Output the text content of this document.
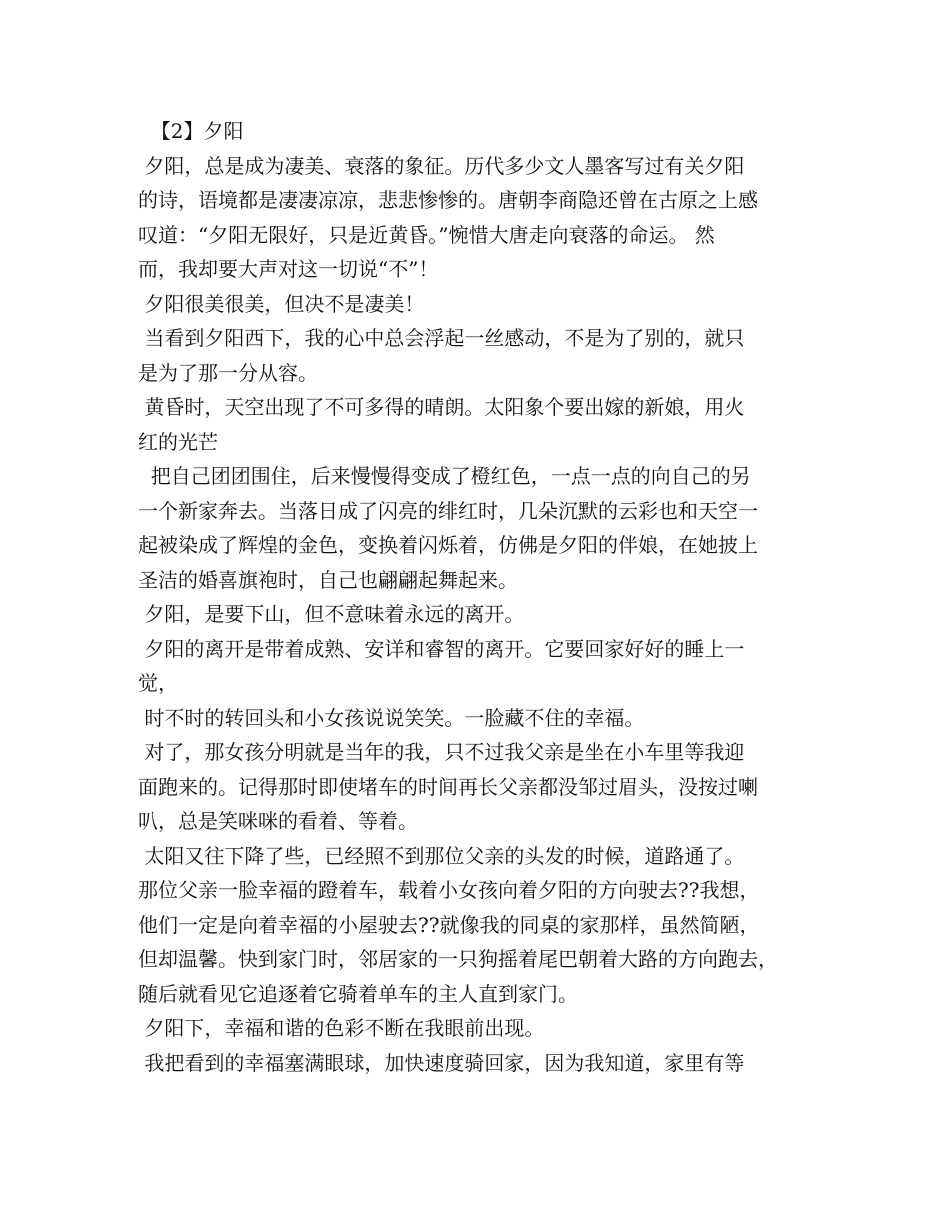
【2】夕阳
夕阳，总是成为凄美、衰落的象征。历代多少文人墨客写过有关夕阳
的诗，语境都是凄凄凉凉，悲悲惨惨的。唐朝李商隐还曾在古原之上感
叹道：“夕阳无限好，只是近黄昏。”惋惜大唐走向衰落的命运。 然
而，我却要大声对这一切说“不”！
夕阳很美很美，但决不是凄美！
当看到夕阳西下，我的心中总会浮起一丝感动，不是为了别的，就只
是为了那一分从容。
黄昏时，天空出现了不可多得的晴朗。太阳象个要出嫁的新娘，用火
红的光芒
把自己团团围住，后来慢慢得变成了橙红色，一点一点的向自己的另
一个新家奔去。当落日成了闪亮的绯红时，几朵沉默的云彩也和天空一
起被染成了辉煌的金色，变换着闪烁着，仿佛是夕阳的伴娘，在她披上
圣洁的婚喜旗袍时，自己也翩翩起舞起来。
夕阳，是要下山，但不意味着永远的离开。
夕阳的离开是带着成熟、安详和睿智的离开。它要回家好好的睡上一
觉，
时不时的转回头和小女孩说说笑笑。一脸藏不住的幸福。
对了，那女孩分明就是当年的我，只不过我父亲是坐在小车里等我迎
面跑来的。记得那时即使堵车的时间再长父亲都没邹过眉头，没按过喇
叭，总是笑咪咪的看着、等着。
太阳又往下降了些，已经照不到那位父亲的头发的时候，道路通了。
那位父亲一脸幸福的蹬着车，载着小女孩向着夕阳的方向驶去??我想，
他们一定是向着幸福的小屋驶去??就像我的同桌的家那样，虽然简陋，
但却温馨。快到家门时，邻居家的一只狗摇着尾巴朝着大路的方向跑去，
随后就看见它追逐着它骑着单车的主人直到家门。
夕阳下，幸福和谐的色彩不断在我眼前出现。
我把看到的幸福塞满眼球，加快速度骑回家，因为我知道，家里有等
